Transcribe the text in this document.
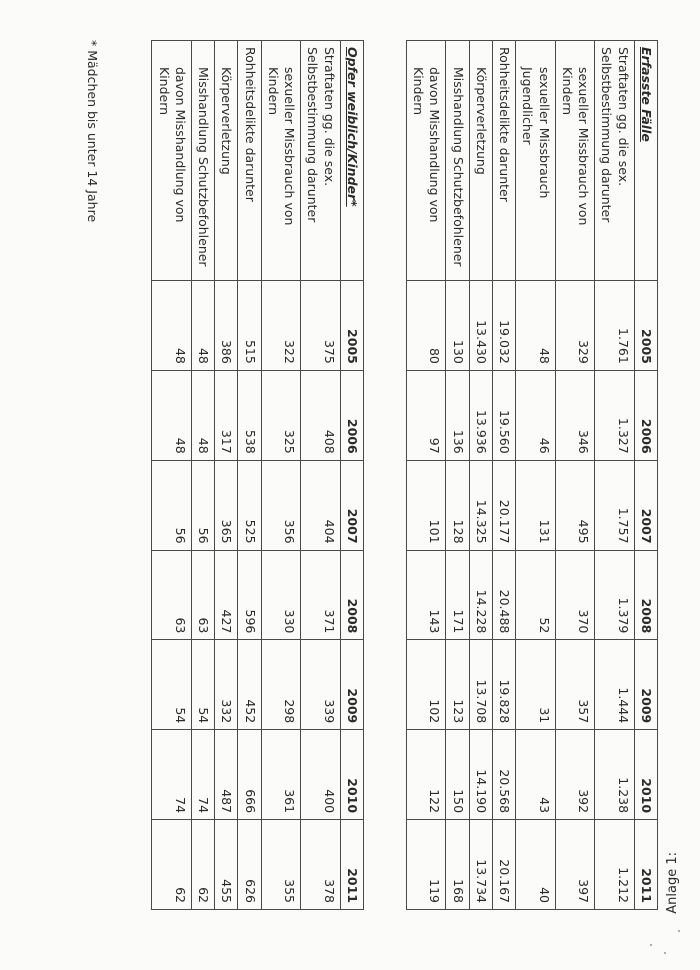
Anlage 1:
Erfasste Fälle	2005	2006	2007	2008	2009	2010	2011
Straftaten gg. die sex. Selbstbestimmung darunter	1.761	1.327	1.757	1.379	1.444	1.238	1.212
sexueller Missbrauch von Kindern	329	346	495	370	357	392	397
sexueller Missbrauch Jugendlicher	48	46	131	52	31	43	40
Rohheitsdelikte darunter	19.032	19.560	20.177	20.488	19.828	20.568	20.167
Körperverletzung	13.430	13.936	14.325	14.228	13.708	14.190	13.734
Misshandlung Schutzbefohlener	130	136	128	171	123	150	168
davon Misshandlung von Kindern	80	97	101	143	102	122	119
Opfer weiblich/Kinder*	2005	2006	2007	2008	2009	2010	2011
Straftaten gg. die sex. Selbstbestimmung darunter	375	408	404	371	339	400	378
sexueller Missbrauch von Kindern	322	325	356	330	298	361	355
Rohheitsdelikte darunter	515	538	525	596	452	666	626
Körperverletzung	386	317	365	427	332	487	455
Misshandlung Schutzbefohlener	48	48	56	63	54	74	62
davon Misshandlung von Kindern	48	48	56	63	54	74	62
* Mädchen bis unter 14 Jahre
